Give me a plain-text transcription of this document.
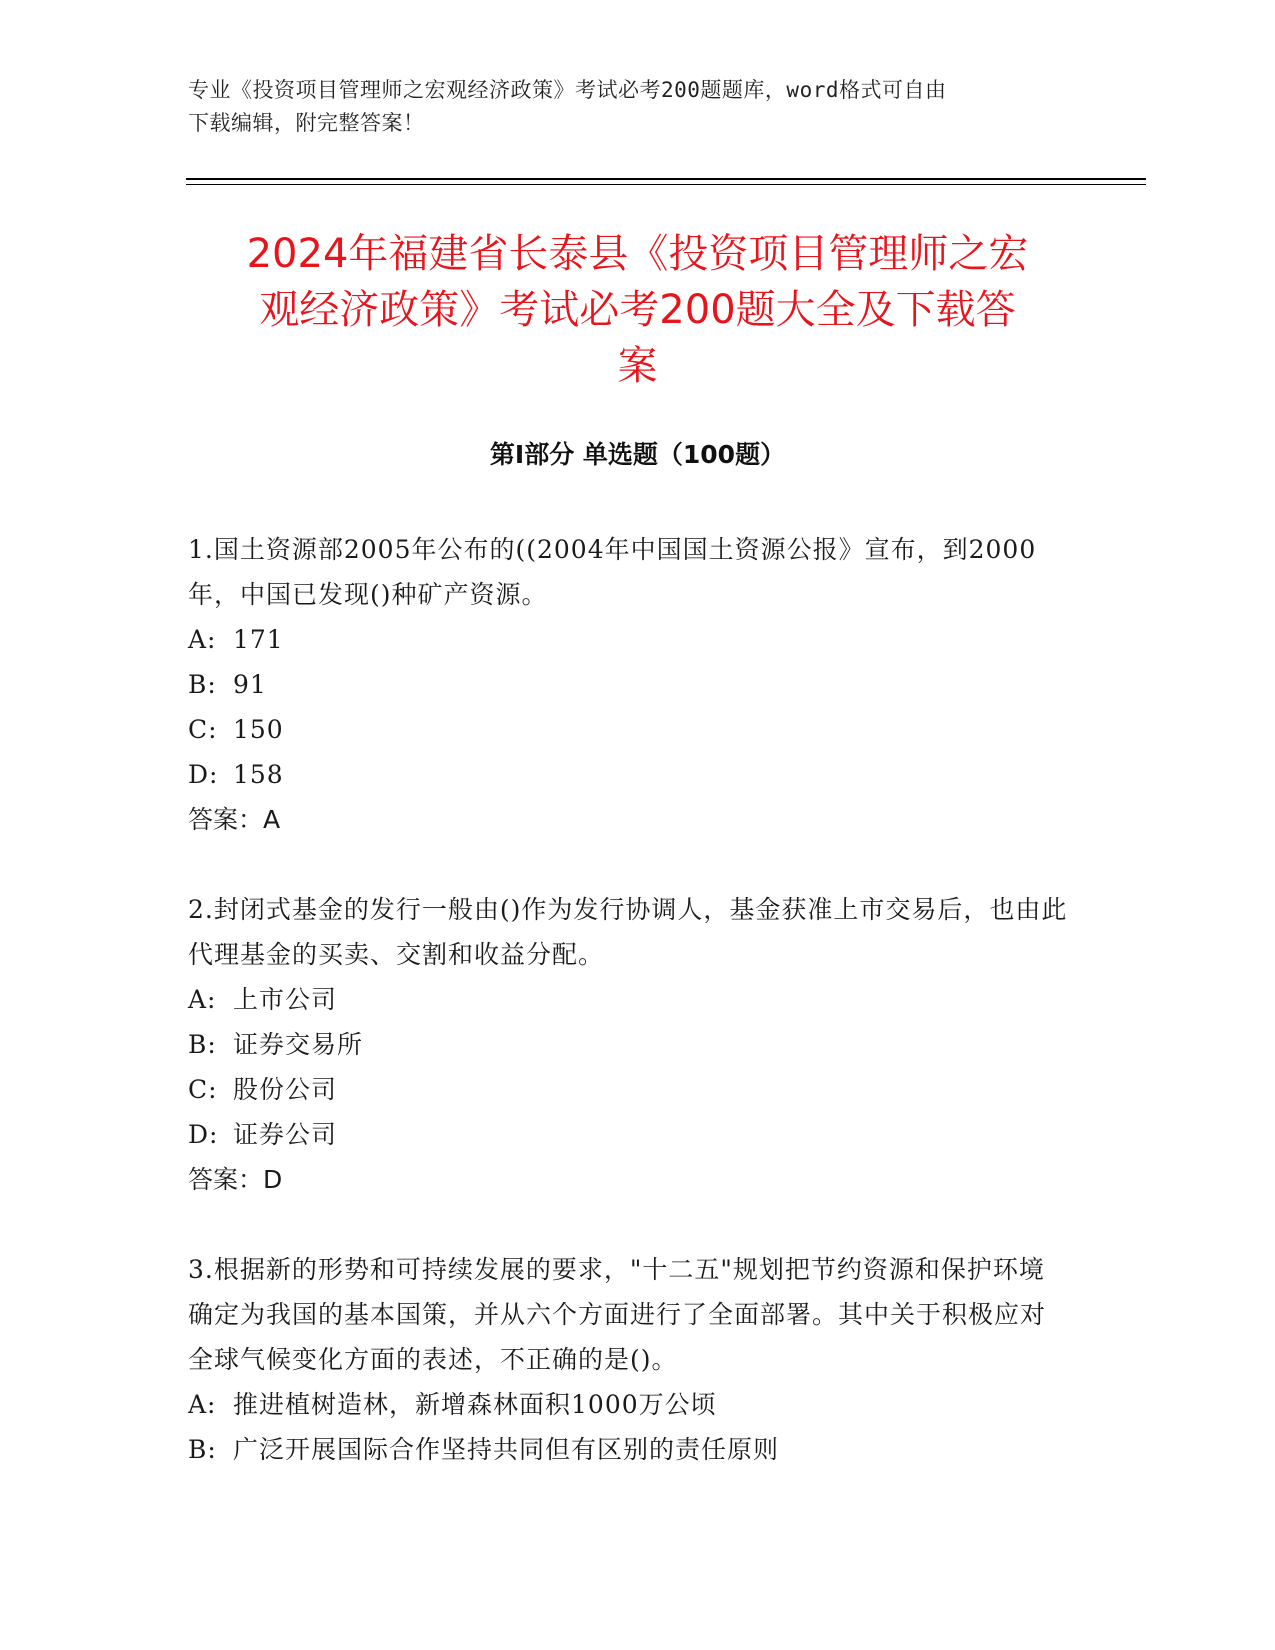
专业《投资项目管理师之宏观经济政策》考试必考200题题库，word格式可自由
下载编辑，附完整答案！
2024年福建省长泰县《投资项目管理师之宏
观经济政策》考试必考200题大全及下载答
案
第Ⅰ部分 单选题（100题）

1.国土资源部2005年公布的((2004年中国国土资源公报》宣布，到2000年，中国已发现()种矿产资源。

A: 171

B: 91

C: 150

D: 158

答案：A

2.封闭式基金的发行一般由()作为发行协调人，基金获准上市交易后，也由此代理基金的买卖、交割和收益分配。

A: 上市公司

B: 证券交易所

C: 股份公司

D: 证券公司

答案：D

3.根据新的形势和可持续发展的要求，"十二五"规划把节约资源和保护环境确定为我国的基本国策，并从六个方面进行了全面部署。其中关于积极应对全球气候变化方面的表述，不正确的是()。

A: 推进植树造林，新增森林面积1000万公顷

B: 广泛开展国际合作坚持共同但有区别的责任原则
